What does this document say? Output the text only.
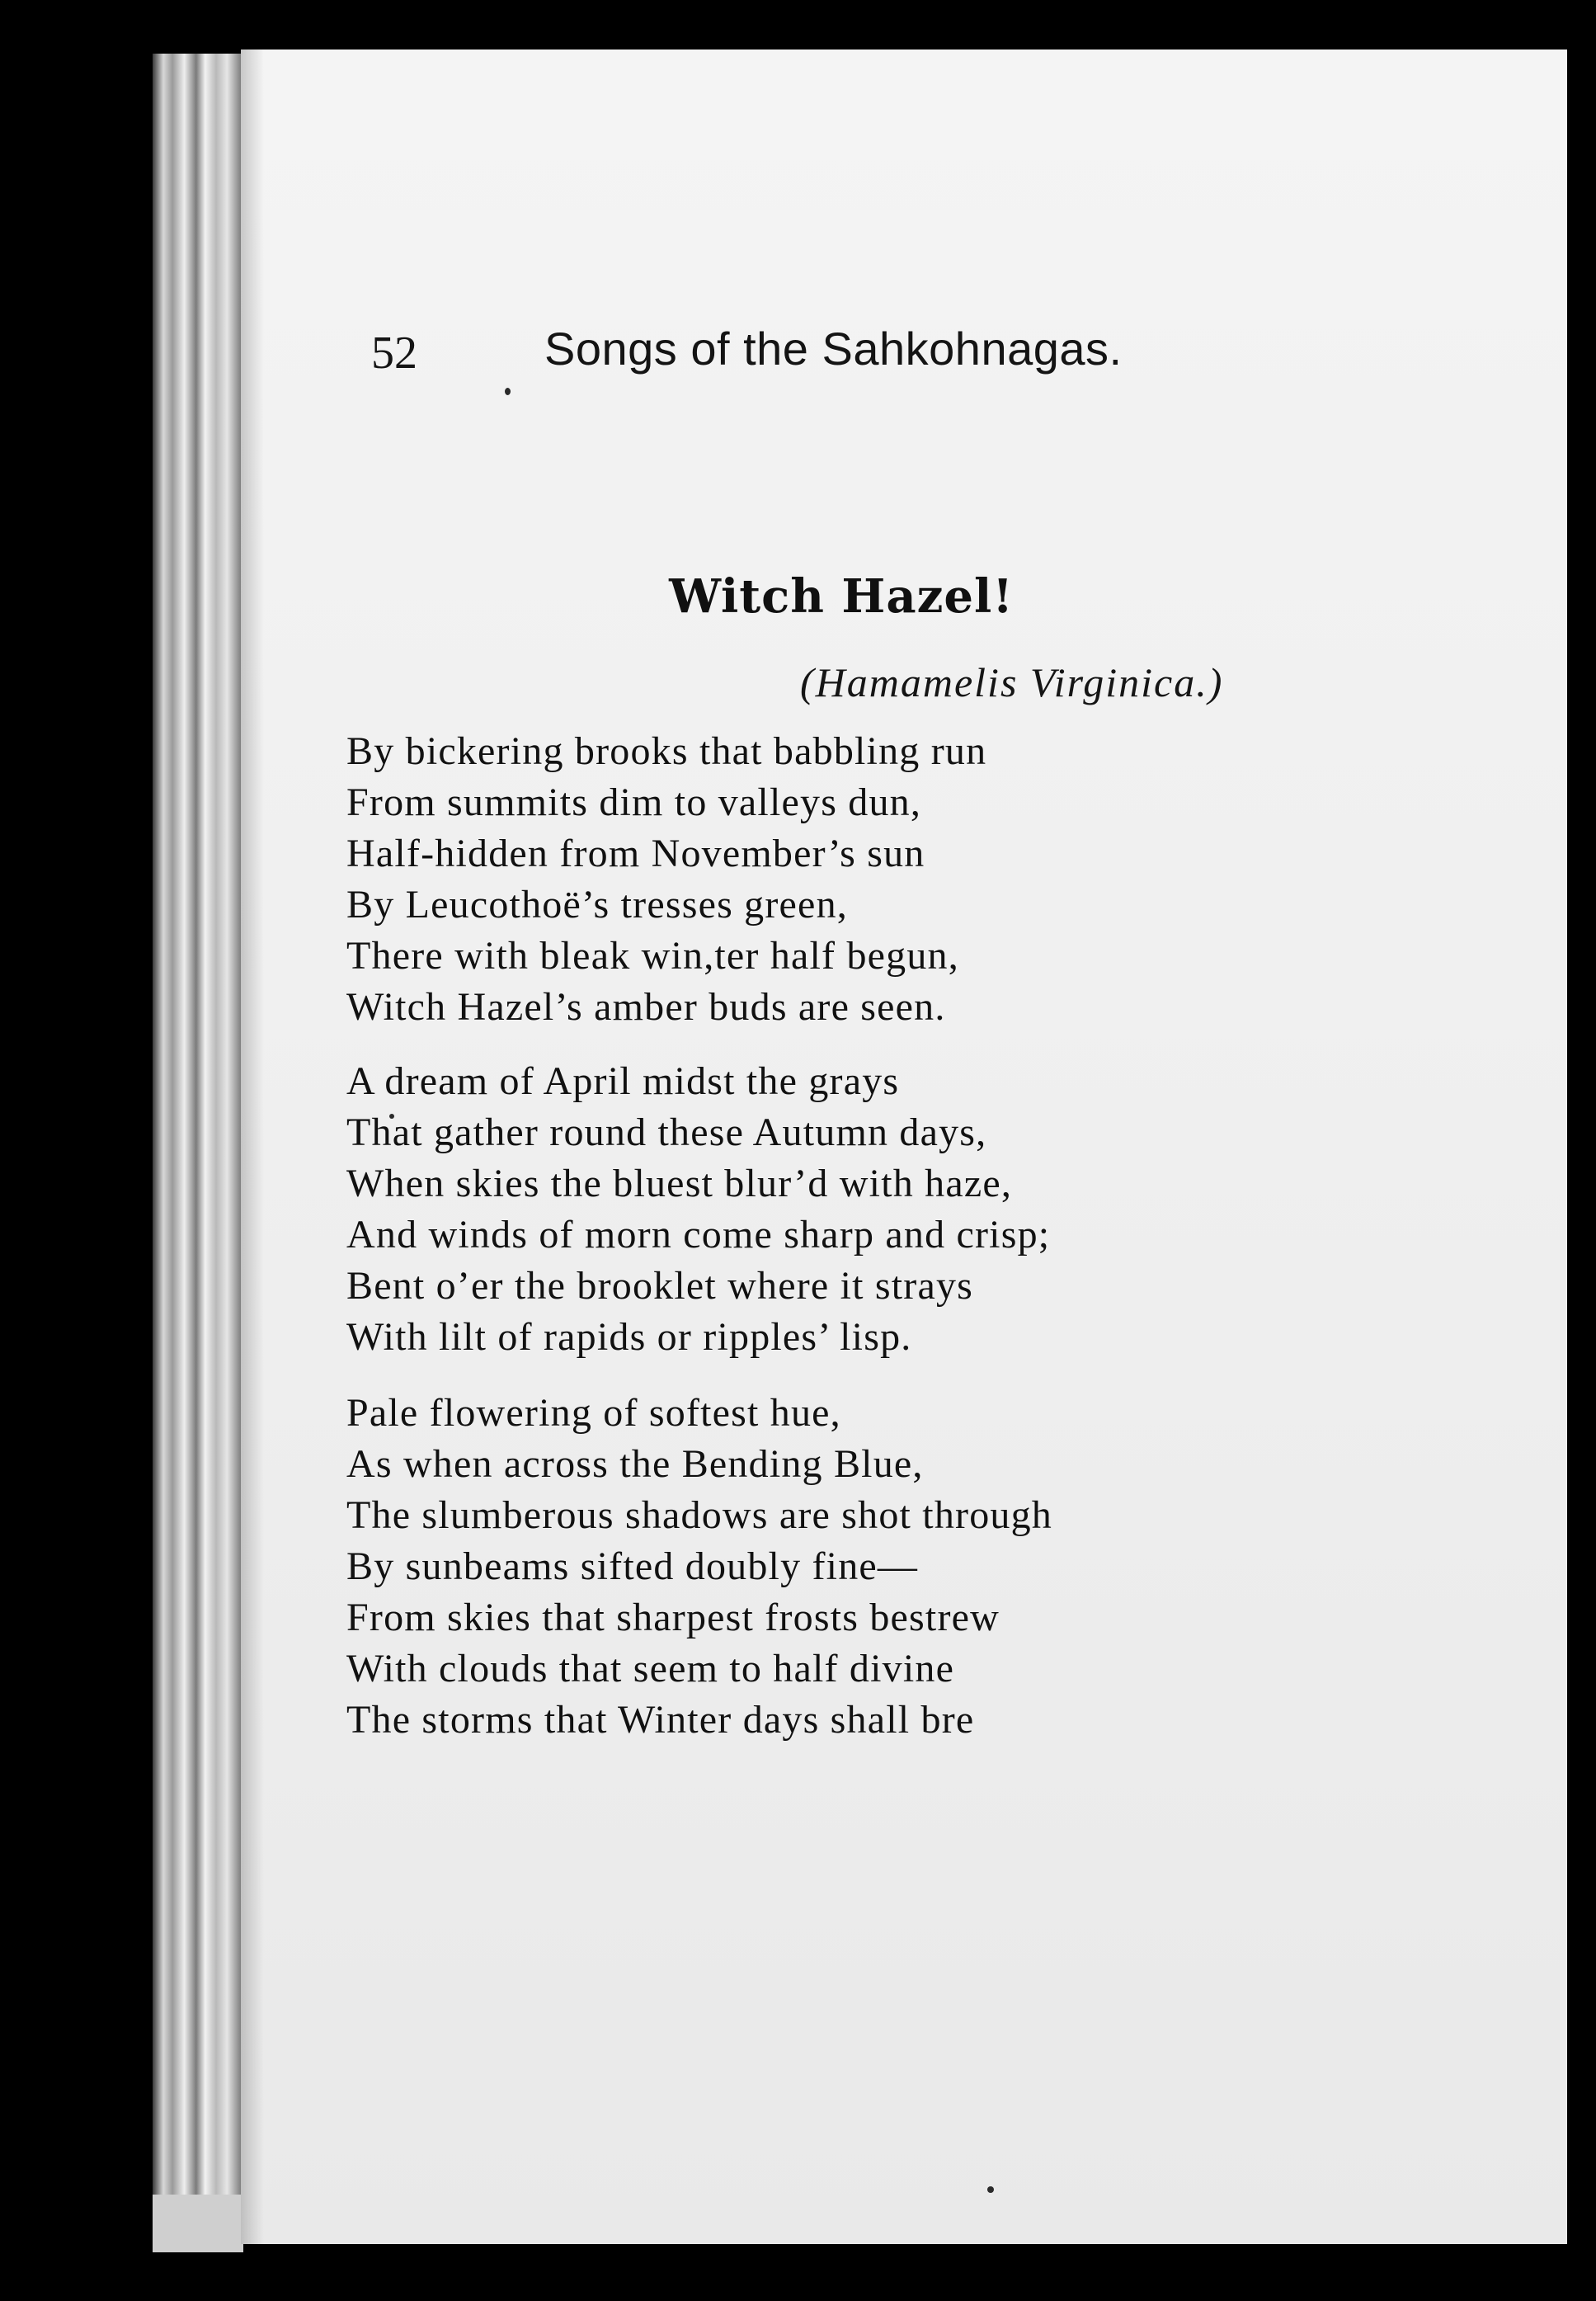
52	Songs of the Sahkohnagas.
Witch Hazel!
(Hamamelis Virginica.)
By bickering brooks that babbling run
From summits dim to valleys dun,
Half-hidden from November’s sun
By Leucothoë’s tresses green,
There with bleak win,ter half begun,
Witch Hazel’s amber buds are seen.
A dream of April midst the grays
That gather round these Autumn days,
When skies the bluest blur’d with haze,
And winds of morn come sharp and crisp;
Bent o’er the brooklet where it strays
With lilt of rapids or ripples’ lisp.
Pale flowering of softest hue,
As when across the Bending Blue,
The slumberous shadows are shot through
By sunbeams sifted doubly fine—
From skies that sharpest frosts bestrew
With clouds that seem to half divine
The storms that Winter days shall bre
